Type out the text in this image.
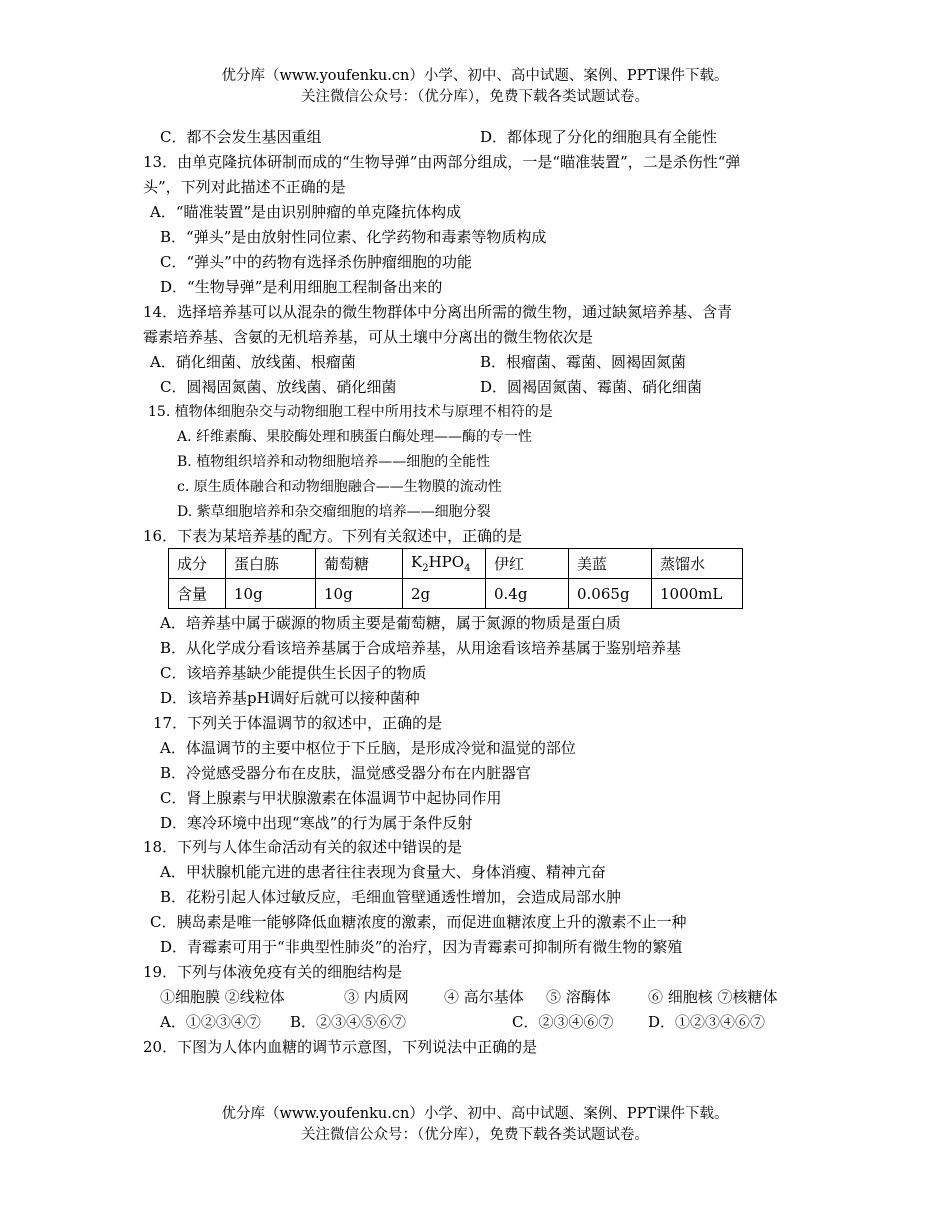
优分库（www.youfenku.cn）小学、初中、高中试题、案例、PPT课件下载。
关注微信公众号：（优分库），免费下载各类试题试卷。
C．都不会发生基因重组	D．都体现了分化的细胞具有全能性
13．由单克隆抗体研制而成的“生物导弹”由两部分组成，一是“瞄准装置”，二是杀伤性“弹
头”，下列对此描述不正确的是
A．“瞄准装置”是由识别肿瘤的单克隆抗体构成
B．“弹头”是由放射性同位素、化学药物和毒素等物质构成
C．“弹头”中的药物有选择杀伤肿瘤细胞的功能
D．“生物导弹”是利用细胞工程制备出来的
14．选择培养基可以从混杂的微生物群体中分离出所需的微生物，通过缺氮培养基、含青
霉素培养基、含氨的无机培养基，可从土壤中分离出的微生物依次是
A．硝化细菌、放线菌、根瘤菌	B．根瘤菌、霉菌、圆褐固氮菌
C．圆褐固氮菌、放线菌、硝化细菌	D．圆褐固氮菌、霉菌、硝化细菌
15. 植物体细胞杂交与动物细胞工程中所用技术与原理不相符的是
A. 纤维素酶、果胶酶处理和胰蛋白酶处理——酶的专一性
B. 植物组织培养和动物细胞培养——细胞的全能性
c. 原生质体融合和动物细胞融合——生物膜的流动性
D. 紫草细胞培养和杂交瘤细胞的培养——细胞分裂
16．下表为某培养基的配方。下列有关叙述中，正确的是
成分	蛋白胨	葡萄糖	$K_2HPO_4$	伊红	美蓝	蒸馏水
含量	10g	10g	2g	0.4g	0.065g	1000mL
A．培养基中属于碳源的物质主要是葡萄糖，属于氮源的物质是蛋白质
B．从化学成分看该培养基属于合成培养基，从用途看该培养基属于鉴别培养基
C．该培养基缺少能提供生长因子的物质
D．该培养基pH调好后就可以接种菌种
17．下列关于体温调节的叙述中，正确的是
A．体温调节的主要中枢位于下丘脑，是形成冷觉和温觉的部位
B．冷觉感受器分布在皮肤，温觉感受器分布在内脏器官
C．肾上腺素与甲状腺激素在体温调节中起协同作用
D．寒冷环境中出现“寒战”的行为属于条件反射
18．下列与人体生命活动有关的叙述中错误的是
A．甲状腺机能亢进的患者往往表现为食量大、身体消瘦、精神亢奋
B．花粉引起人体过敏反应，毛细血管壁通透性增加，会造成局部水肿
C．胰岛素是唯一能够降低血糖浓度的激素，而促进血糖浓度上升的激素不止一种
D．青霉素可用于“非典型性肺炎”的治疗，因为青霉素可抑制所有微生物的繁殖
19．下列与体液免疫有关的细胞结构是
①细胞膜 ②线粒体	③ 内质网 ④ 高尔基体 ⑤ 溶酶体 ⑥ 细胞核 ⑦核糖体
A．①②③④⑦ B．②③④⑤⑥⑦	C．②③④⑥⑦ D．①②③④⑥⑦
20．下图为人体内血糖的调节示意图，下列说法中正确的是
优分库（www.youfenku.cn）小学、初中、高中试题、案例、PPT课件下载。
关注微信公众号：（优分库），免费下载各类试题试卷。
